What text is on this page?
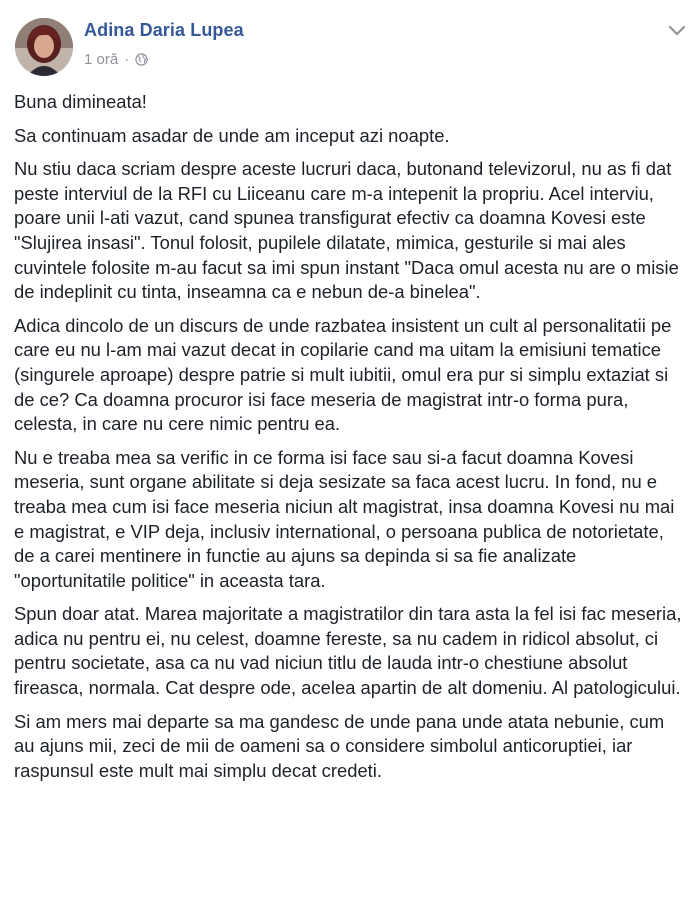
Adina Daria Lupea
1 oră ·

Buna dimineata!

Sa continuam asadar de unde am inceput azi noapte.

Nu stiu daca scriam despre aceste lucruri daca, butonand televizorul, nu as fi dat peste interviul de la RFI cu Liiceanu care m-a intepenit la propriu. Acel interviu, poare unii l-ati vazut, cand spunea transfigurat efectiv ca doamna Kovesi este "Slujirea insasi". Tonul folosit, pupilele dilatate, mimica, gesturile si mai ales cuvintele folosite m-au facut sa imi spun instant "Daca omul acesta nu are o misie de indeplinit cu tinta, inseamna ca e nebun de-a binelea".

Adica dincolo de un discurs de unde razbatea insistent un cult al personalitatii pe care eu nu l-am mai vazut decat in copilarie cand ma uitam la emisiuni tematice (singurele aproape) despre patrie si mult iubitii, omul era pur si simplu extaziat si de ce? Ca doamna procuror isi face meseria de magistrat intr-o forma pura, celesta, in care nu cere nimic pentru ea.

Nu e treaba mea sa verific in ce forma isi face sau si-a facut doamna Kovesi meseria, sunt organe abilitate si deja sesizate sa faca acest lucru. In fond, nu e treaba mea cum isi face meseria niciun alt magistrat, insa doamna Kovesi nu mai e magistrat, e VIP deja, inclusiv international, o persoana publica de notorietate, de a carei mentinere in functie au ajuns sa depinda si sa fie analizate "oportunitatile politice" in aceasta tara.

Spun doar atat. Marea majoritate a magistratilor din tara asta la fel isi fac meseria, adica nu pentru ei, nu celest, doamne fereste, sa nu cadem in ridicol absolut, ci pentru societate, asa ca nu vad niciun titlu de lauda intr-o chestiune absolut fireasca, normala. Cat despre ode, acelea apartin de alt domeniu. Al patologicului.

Si am mers mai departe sa ma gandesc de unde pana unde atata nebunie, cum au ajuns mii, zeci de mii de oameni sa o considere simbolul anticoruptiei, iar raspunsul este mult mai simplu decat credeti.
